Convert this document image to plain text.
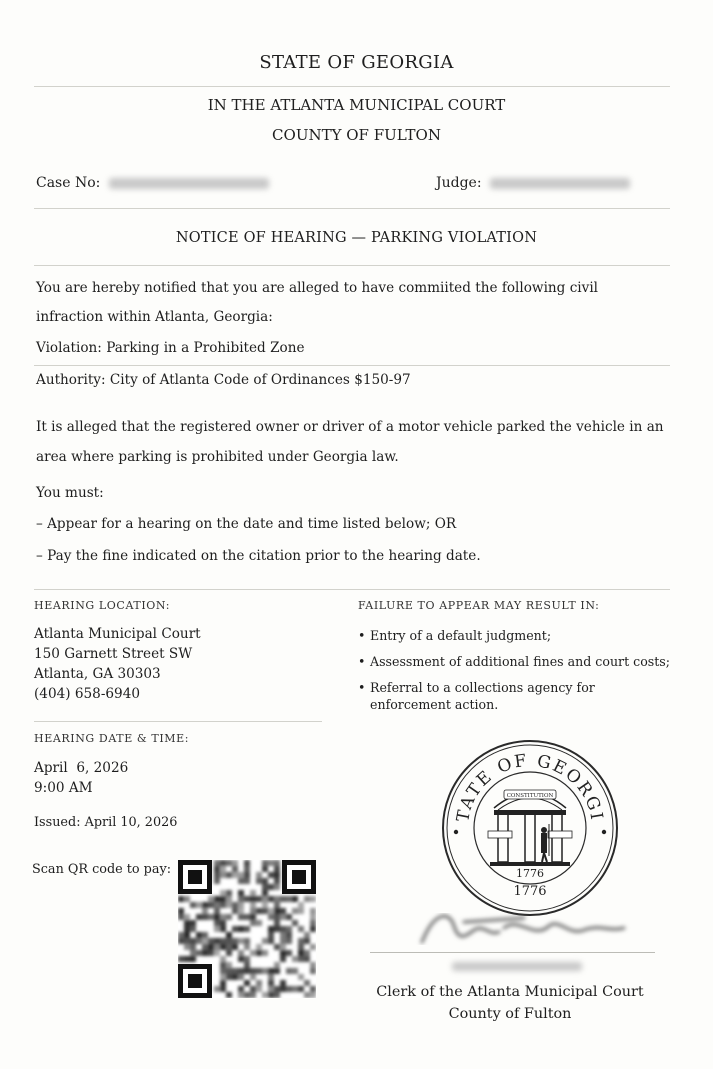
STATE OF GEORGIA
IN THE ATLANTA MUNICIPAL COURT
COUNTY OF FULTON
Case No:	Judge:
NOTICE OF HEARING — PARKING VIOLATION
You are hereby notified that you are alleged to have commiited the following civil
infraction within Atlanta, Georgia:
Violation: Parking in a Prohibited Zone
Authority: City of Atlanta Code of Ordinances $150-97
It is alleged that the registered owner or driver of a motor vehicle parked the vehicle in an
area where parking is prohibited under Georgia law.
You must:
– Appear for a hearing on the date and time listed below; OR
– Pay the fine indicated on the citation prior to the hearing date.
HEARING LOCATION:
Atlanta Municipal Court
150 Garnett Street SW
Atlanta, GA 30303
(404) 658-6940
FAILURE TO APPEAR MAY RESULT IN:
• Entry of a default judgment;
• Assessment of additional fines and court costs;
• Referral to a collections agency for enforcement action.
HEARING DATE & TIME:
April  6, 2026
9:00 AM
Issued: April 10, 2026
Scan QR code to pay:
TATE OF GEORGI
CONSTITUTION
1776
1776
Clerk of the Atlanta Municipal Court
County of Fulton
